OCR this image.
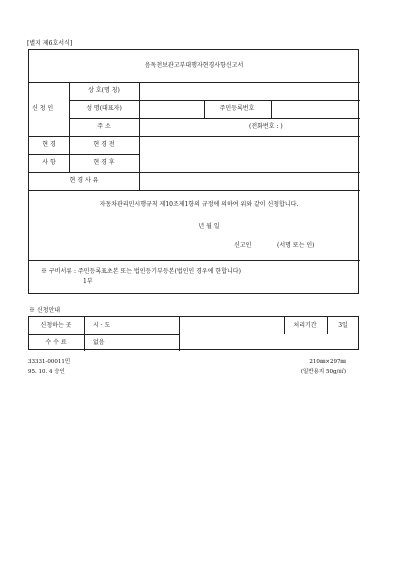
[별지 제6호서식]
음독천보관고부대행자현경사항신고서
신 청 인
상 호(명 칭)
성 명(대표자)	주민등록번호
주 소	(전화번호 : )
현 경	현 경 전
사 항	현 경 후
현 경 사 유
자동차관리민시행규칙 제10조제1항의 규정에 의하여 위와 같이 신청합니다.
년 월 일
신고인	(서명 또는 인)
※ 구비서류 : 주민등록표초본 또는 법인등기부등본(법인인 경우에 한합니다)
1부
※ 신청안내
신청하는 곳	시 · 도	처리기간	3일
수 수 료	없음
33331-00011민
95. 10. 4 승인
210㎜×297㎜
(일반용지 50g/㎡)
